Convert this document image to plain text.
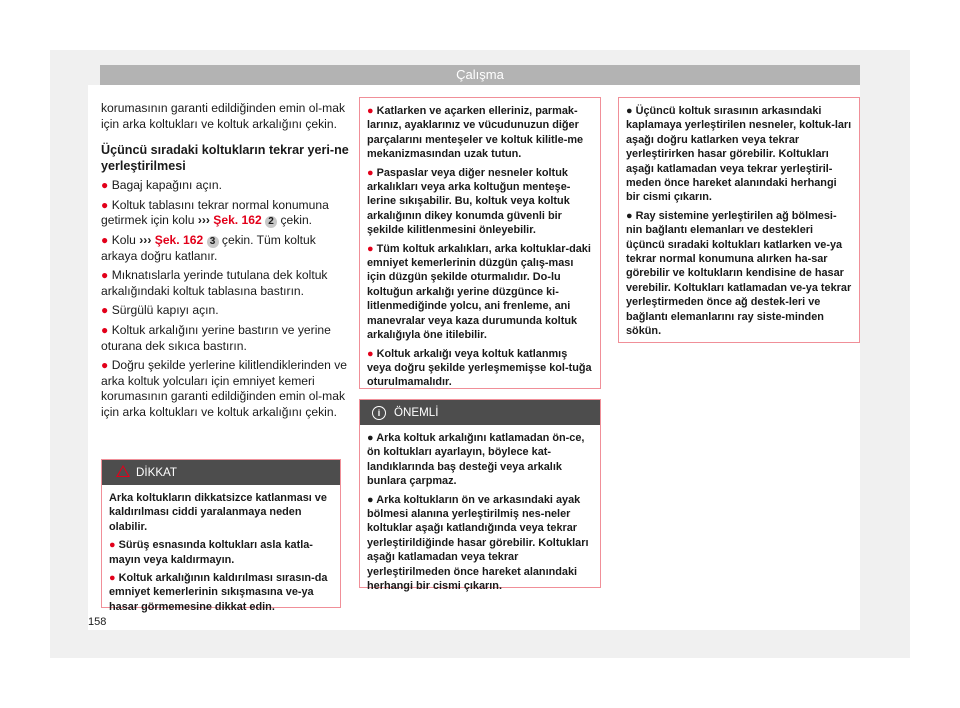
Çalışma

korumasının garanti edildiğinden emin ol-mak için arka koltukları ve koltuk arkalığını çekin.

Üçüncü sıradaki koltukların tekrar yeri-ne yerleştirilmesi

● Bagaj kapağını açın.

● Koltuk tablasını tekrar normal konumuna getirmek için kolu ››› Şek. 162 2 çekin.

● Kolu ››› Şek. 162 3 çekin. Tüm koltuk arkaya doğru katlanır.

● Mıknatıslarla yerinde tutulana dek koltuk arkalığındaki koltuk tablasına bastırın.

● Sürgülü kapıyı açın.

● Koltuk arkalığını yerine bastırın ve yerine oturana dek sıkıca bastırın.

● Doğru şekilde yerlerine kilitlendiklerinden ve arka koltuk yolcuları için emniyet kemeri korumasının garanti edildiğinden emin ol-mak için arka koltukları ve koltuk arkalığını çekin.

DİKKAT

Arka koltukların dikkatsizce katlanması ve kaldırılması ciddi yaralanmaya neden olabilir.

● Sürüş esnasında koltukları asla katla-mayın veya kaldırmayın.

● Koltuk arkalığının kaldırılması sırasın-da emniyet kemerlerinin sıkışmasına ve-ya hasar görmemesine dikkat edin.

● Katlarken ve açarken elleriniz, parmak-larınız, ayaklarınız ve vücudunuzun diğer parçalarını menteşeler ve koltuk kilitle-me mekanizmasından uzak tutun.

● Paspaslar veya diğer nesneler koltuk arkalıkları veya arka koltuğun menteşe-lerine sıkışabilir. Bu, koltuk veya koltuk arkalığının dikey konumda güvenli bir şekilde kilitlenmesini önleyebilir.

● Tüm koltuk arkalıkları, arka koltuklar-daki emniyet kemerlerinin düzgün çalış-ması için düzgün şekilde oturmalıdır. Do-lu koltuğun arkalığı yerine düzgünce ki-litlenmediğinde yolcu, ani frenleme, ani manevralar veya kaza durumunda koltuk arkalığıyla öne itilebilir.

● Koltuk arkalığı veya koltuk katlanmış veya doğru şekilde yerleşmemişse kol-tuğa oturulmamalıdır.

i	ÖNEMLİ

● Arka koltuk arkalığını katlamadan ön-ce, ön koltukları ayarlayın, böylece kat-landıklarında baş desteği veya arkalık bunlara çarpmaz.

● Arka koltukların ön ve arkasındaki ayak bölmesi alanına yerleştirilmiş nes-neler koltuklar aşağı katlandığında veya tekrar yerleştirildiğinde hasar görebilir. Koltukları aşağı katlamadan veya tekrar yerleştirilmeden önce hareket alanındaki herhangi bir cismi çıkarın.

● Üçüncü koltuk sırasının arkasındaki kaplamaya yerleştirilen nesneler, koltuk-ları aşağı doğru katlarken veya tekrar yerleştirirken hasar görebilir. Koltukları aşağı katlamadan veya tekrar yerleştiril-meden önce hareket alanındaki herhangi bir cismi çıkarın.

● Ray sistemine yerleştirilen ağ bölmesi-nin bağlantı elemanları ve destekleri üçüncü sıradaki koltukları katlarken ve-ya tekrar normal konumuna alırken ha-sar görebilir ve koltukların kendisine de hasar verebilir. Koltukları katlamadan ve-ya tekrar yerleştirmeden önce ağ destek-leri ve bağlantı elemanlarını ray siste-minden sökün.

158
